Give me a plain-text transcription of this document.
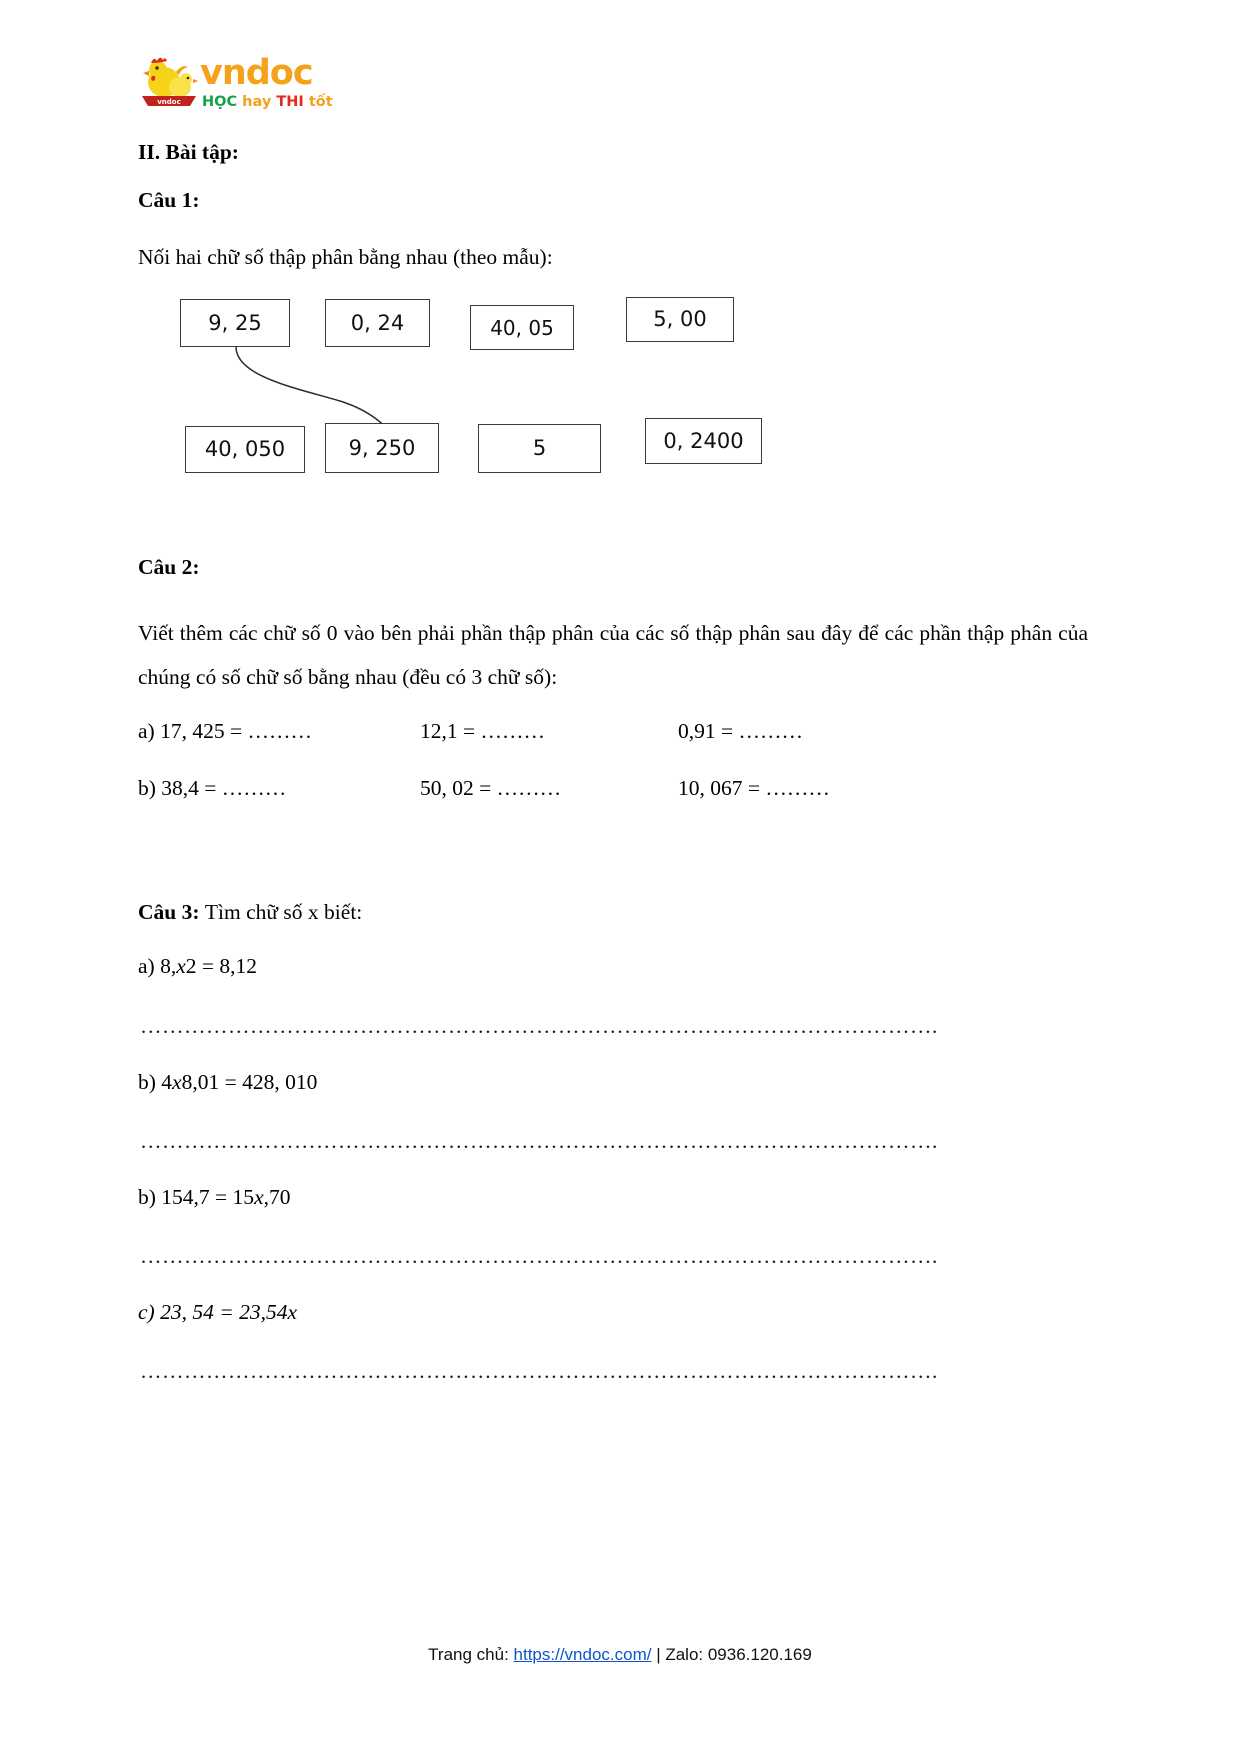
vndoc
vndoc
HỌC hay THI tốt
II. Bài tập:
Câu 1:
Nối hai chữ số thập phân bằng nhau (theo mẫu):
9, 25	0, 24	40, 05	5, 00
40, 050	9, 250	5	0, 2400
Câu 2:
Viết thêm các chữ số 0 vào bên phải phần thập phân của các số thập phân sau đây để các phần thập phân của chúng có số chữ số bằng nhau (đều có 3 chữ số):
a) 17, 425 = ………	12,1 = ………	0,91 = ………
b) 38,4 = ………	50, 02 = ………	10, 067 = ………
Câu 3: Tìm chữ số x biết:
a) 8,x2 = 8,12
……………………………………………………………………………………………….
b) 4x8,01 = 428, 010
……………………………………………………………………………………………….
b) 154,7 = 15x,70
……………………………………………………………………………………………….
c) 23, 54 = 23,54x
……………………………………………………………………………………………….
Trang chủ: https://vndoc.com/ | Zalo: 0936.120.169
